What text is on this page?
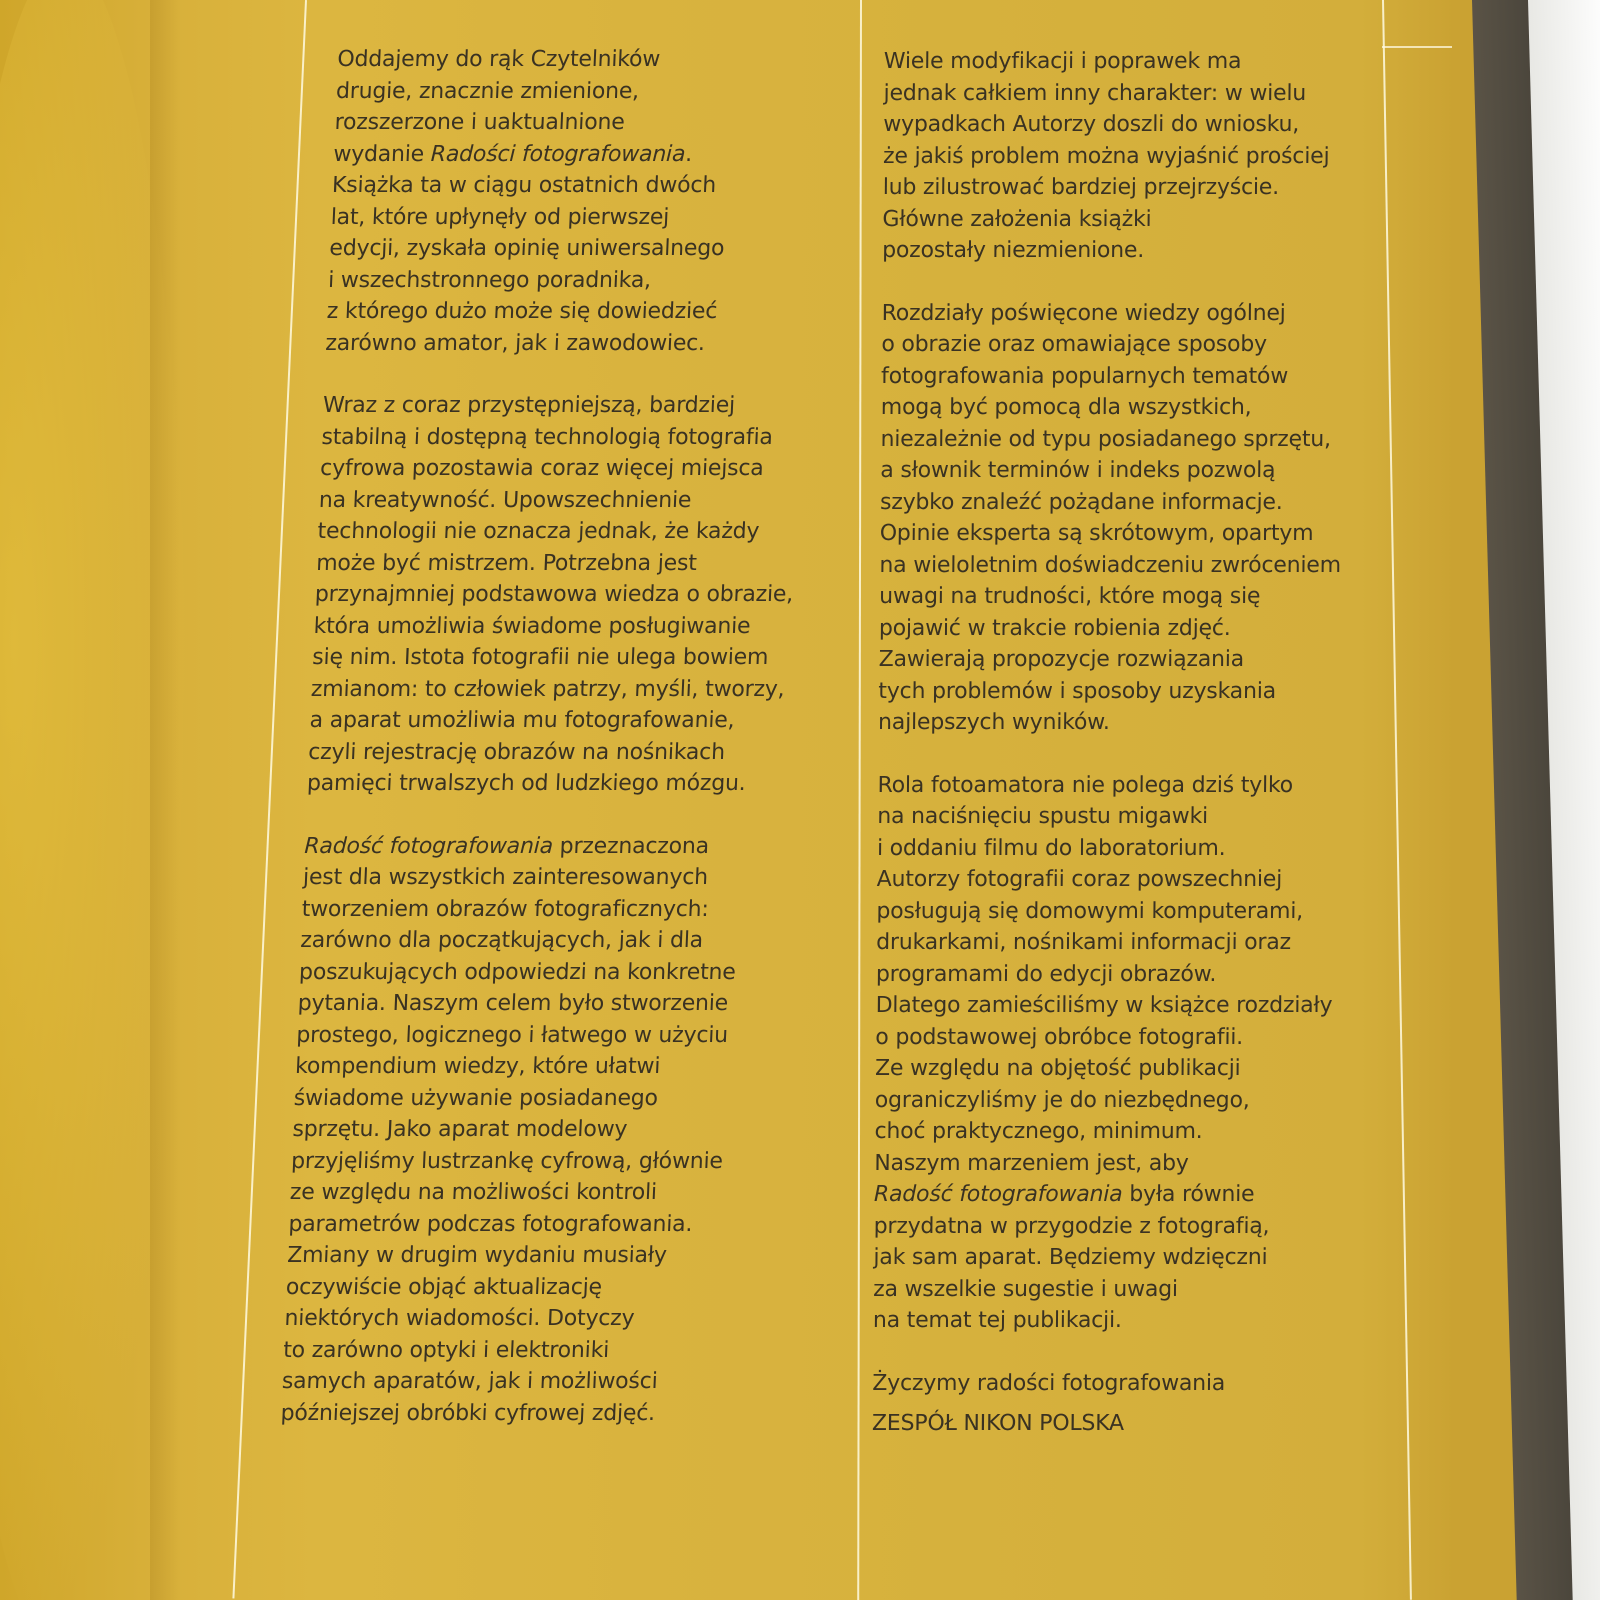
Oddajemy do rąk Czytelników
drugie, znacznie zmienione,
rozszerzone i uaktualnione
wydanie Radości fotografowania.
Książka ta w ciągu ostatnich dwóch
lat, które upłynęły od pierwszej
edycji, zyskała opinię uniwersalnego
i wszechstronnego poradnika,
z którego dużo może się dowiedzieć
zarówno amator, jak i zawodowiec.

Wraz z coraz przystępniejszą, bardziej
stabilną i dostępną technologią fotografia
cyfrowa pozostawia coraz więcej miejsca
na kreatywność. Upowszechnienie
technologii nie oznacza jednak, że każdy
może być mistrzem. Potrzebna jest
przynajmniej podstawowa wiedza o obrazie,
która umożliwia świadome posługiwanie
się nim. Istota fotografii nie ulega bowiem
zmianom: to człowiek patrzy, myśli, tworzy,
a aparat umożliwia mu fotografowanie,
czyli rejestrację obrazów na nośnikach
pamięci trwalszych od ludzkiego mózgu.

Radość fotografowania przeznaczona
jest dla wszystkich zainteresowanych
tworzeniem obrazów fotograficznych:
zarówno dla początkujących, jak i dla
poszukujących odpowiedzi na konkretne
pytania. Naszym celem było stworzenie
prostego, logicznego i łatwego w użyciu
kompendium wiedzy, które ułatwi
świadome używanie posiadanego
sprzętu. Jako aparat modelowy
przyjęliśmy lustrzankę cyfrową, głównie
ze względu na możliwości kontroli
parametrów podczas fotografowania.
Zmiany w drugim wydaniu musiały
oczywiście objąć aktualizację
niektórych wiadomości. Dotyczy
to zarówno optyki i elektroniki
samych aparatów, jak i możliwości
późniejszej obróbki cyfrowej zdjęć.

Wiele modyfikacji i poprawek ma
jednak całkiem inny charakter: w wielu
wypadkach Autorzy doszli do wniosku,
że jakiś problem można wyjaśnić prościej
lub zilustrować bardziej przejrzyście.
Główne założenia książki
pozostały niezmienione.

Rozdziały poświęcone wiedzy ogólnej
o obrazie oraz omawiające sposoby
fotografowania popularnych tematów
mogą być pomocą dla wszystkich,
niezależnie od typu posiadanego sprzętu,
a słownik terminów i indeks pozwolą
szybko znaleźć pożądane informacje.
Opinie eksperta są skrótowym, opartym
na wieloletnim doświadczeniu zwróceniem
uwagi na trudności, które mogą się
pojawić w trakcie robienia zdjęć.
Zawierają propozycje rozwiązania
tych problemów i sposoby uzyskania
najlepszych wyników.

Rola fotoamatora nie polega dziś tylko
na naciśnięciu spustu migawki
i oddaniu filmu do laboratorium.
Autorzy fotografii coraz powszechniej
posługują się domowymi komputerami,
drukarkami, nośnikami informacji oraz
programami do edycji obrazów.
Dlatego zamieściliśmy w książce rozdziały
o podstawowej obróbce fotografii.
Ze względu na objętość publikacji
ograniczyliśmy je do niezbędnego,
choć praktycznego, minimum.
Naszym marzeniem jest, aby
Radość fotografowania była równie
przydatna w przygodzie z fotografią,
jak sam aparat. Będziemy wdzięczni
za wszelkie sugestie i uwagi
na temat tej publikacji.

Życzymy radości fotografowania

ZESPÓŁ NIKON POLSKA
